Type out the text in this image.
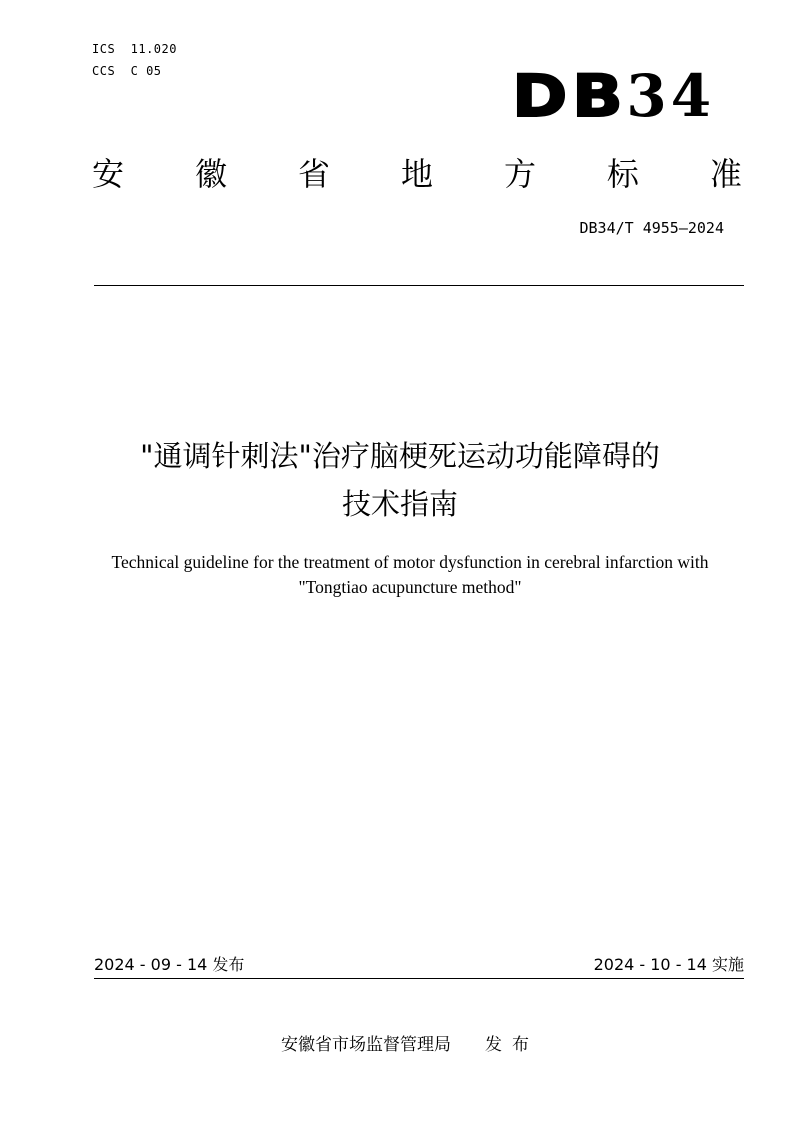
ICS  11.020
CCS  C 05	DB34
安 徽 省 地 方 标 准
DB34/T 4955—2024
"通调针刺法"治疗脑梗死运动功能障碍的
技术指南
Technical guideline for the treatment of motor dysfunction in cerebral infarction with
"Tongtiao acupuncture method"
2024 - 09 - 14 发布	2024 - 10 - 14 实施
安徽省市场监督管理局 发布
